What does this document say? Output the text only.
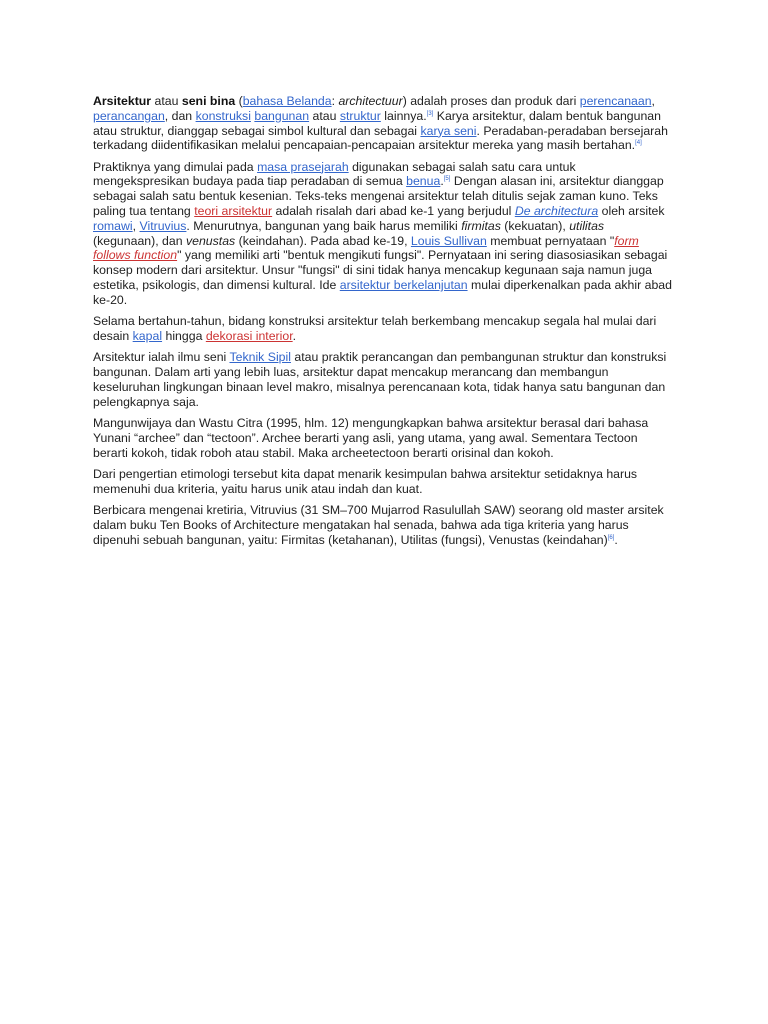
Arsitektur atau seni bina (bahasa Belanda: architectuur) adalah proses dan produk dari perencanaan, perancangan, dan konstruksi bangunan atau struktur lainnya.[3] Karya arsitektur, dalam bentuk bangunan atau struktur, dianggap sebagai simbol kultural dan sebagai karya seni. Peradaban-peradaban bersejarah terkadang diidentifikasikan melalui pencapaian-pencapaian arsitektur mereka yang masih bertahan.[4]

Praktiknya yang dimulai pada masa prasejarah digunakan sebagai salah satu cara untuk mengekspresikan budaya pada tiap peradaban di semua benua.[5] Dengan alasan ini, arsitektur dianggap sebagai salah satu bentuk kesenian. Teks-teks mengenai arsitektur telah ditulis sejak zaman kuno. Teks paling tua tentang teori arsitektur adalah risalah dari abad ke-1 yang berjudul De architectura oleh arsitek romawi, Vitruvius. Menurutnya, bangunan yang baik harus memiliki firmitas (kekuatan), utilitas (kegunaan), dan venustas (keindahan). Pada abad ke-19, Louis Sullivan membuat pernyataan "form follows function" yang memiliki arti "bentuk mengikuti fungsi". Pernyataan ini sering diasosiasikan sebagai konsep modern dari arsitektur. Unsur "fungsi" di sini tidak hanya mencakup kegunaan saja namun juga estetika, psikologis, dan dimensi kultural. Ide arsitektur berkelanjutan mulai diperkenalkan pada akhir abad ke-20.

Selama bertahun-tahun, bidang konstruksi arsitektur telah berkembang mencakup segala hal mulai dari desain kapal hingga dekorasi interior.

Arsitektur ialah ilmu seni Teknik Sipil atau praktik perancangan dan pembangunan struktur dan konstruksi bangunan. Dalam arti yang lebih luas, arsitektur dapat mencakup merancang dan membangun keseluruhan lingkungan binaan level makro, misalnya perencanaan kota, tidak hanya satu bangunan dan pelengkapnya saja.

Mangunwijaya dan Wastu Citra (1995, hlm. 12) mengungkapkan bahwa arsitektur berasal dari bahasa Yunani “archee” dan “tectoon”. Archee berarti yang asli, yang utama, yang awal. Sementara Tectoon berarti kokoh, tidak roboh atau stabil. Maka archeetectoon berarti orisinal dan kokoh.

Dari pengertian etimologi tersebut kita dapat menarik kesimpulan bahwa arsitektur setidaknya harus memenuhi dua kriteria, yaitu harus unik atau indah dan kuat.

Berbicara mengenai kretiria, Vitruvius (31 SM–700 Mujarrod Rasulullah SAW) seorang old master arsitek dalam buku Ten Books of Architecture mengatakan hal senada, bahwa ada tiga kriteria yang harus dipenuhi sebuah bangunan, yaitu: Firmitas (ketahanan), Utilitas (fungsi), Venustas (keindahan)[6].
